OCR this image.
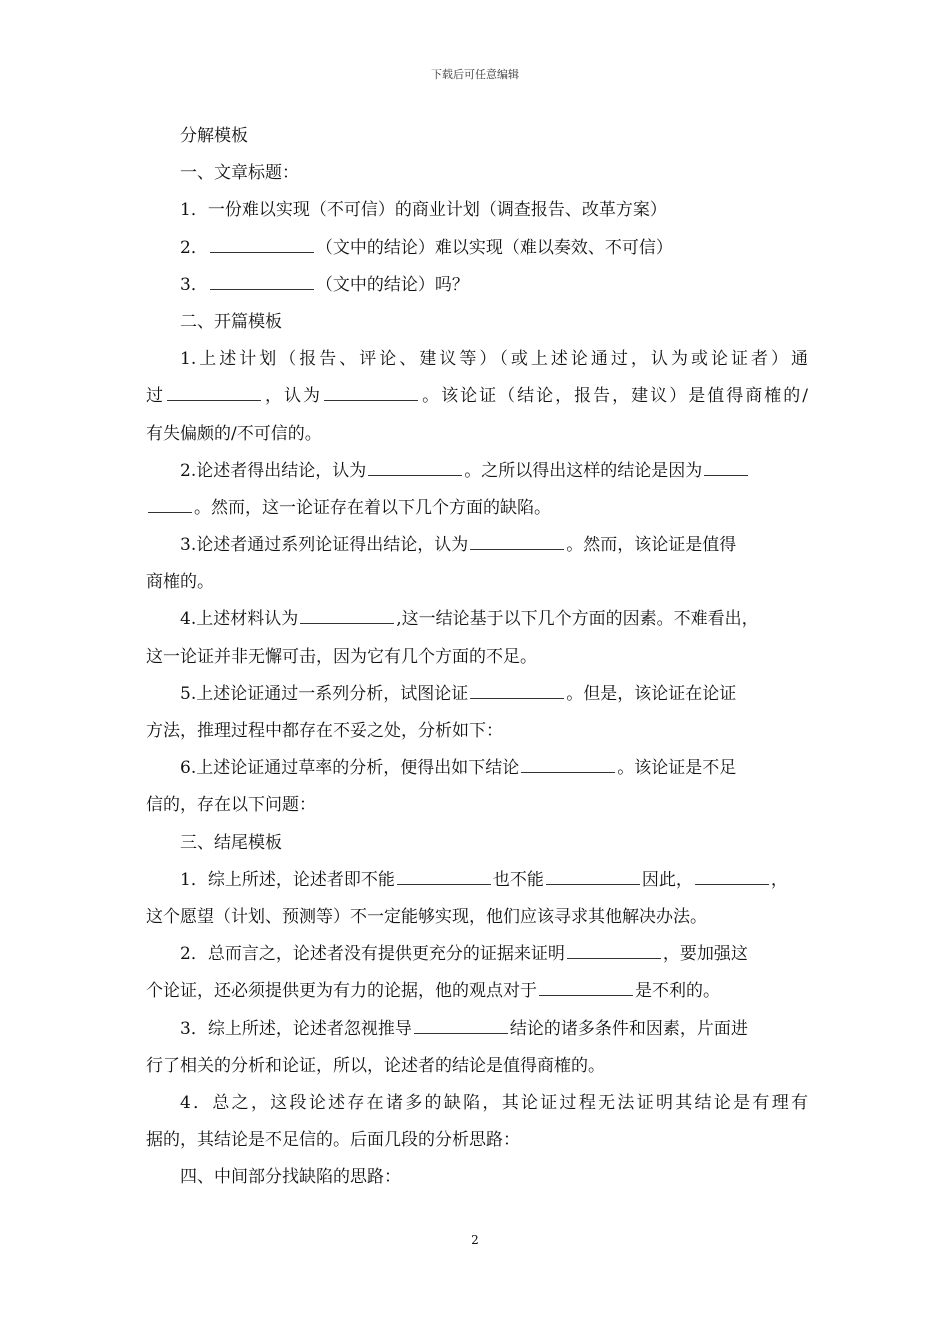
下载后可任意编辑
分解模板
一、文章标题：
1．一份难以实现（不可信）的商业计划（调查报告、改革方案）
2．	（文中的结论）难以实现（难以奏效、不可信）
3．	（文中的结论）吗？
二、开篇模板
1.上述计划（报告、评论、建议等）（或上述论通过，认为或论证者）通
过	，认为	。该论证（结论，报告，建议）是值得商榷的/
有失偏颇的/不可信的。
2.论述者得出结论，认为	。之所以得出这样的结论是因为
。然而，这一论证存在着以下几个方面的缺陷。
3.论述者通过系列论证得出结论，认为	。然而，该论证是值得
商榷的。
4.上述材料认为	,这一结论基于以下几个方面的因素。不难看出，
这一论证并非无懈可击，因为它有几个方面的不足。
5.上述论证通过一系列分析，试图论证	。但是，该论证在论证
方法，推理过程中都存在不妥之处，分析如下：
6.上述论证通过草率的分析，便得出如下结论	。该论证是不足
信的，存在以下问题：
三、结尾模板
1．综上所述，论述者即不能	也不能	因此，	，
这个愿望（计划、预测等）不一定能够实现，他们应该寻求其他解决办法。
2．总而言之，论述者没有提供更充分的证据来证明	，要加强这
个论证，还必须提供更为有力的论据，他的观点对于	是不利的。
3．综上所述，论述者忽视推导	结论的诸多条件和因素，片面进
行了相关的分析和论证，所以，论述者的结论是值得商榷的。
4．总之，这段论述存在诸多的缺陷，其论证过程无法证明其结论是有理有
据的，其结论是不足信的。后面几段的分析思路：
四、中间部分找缺陷的思路：
2
